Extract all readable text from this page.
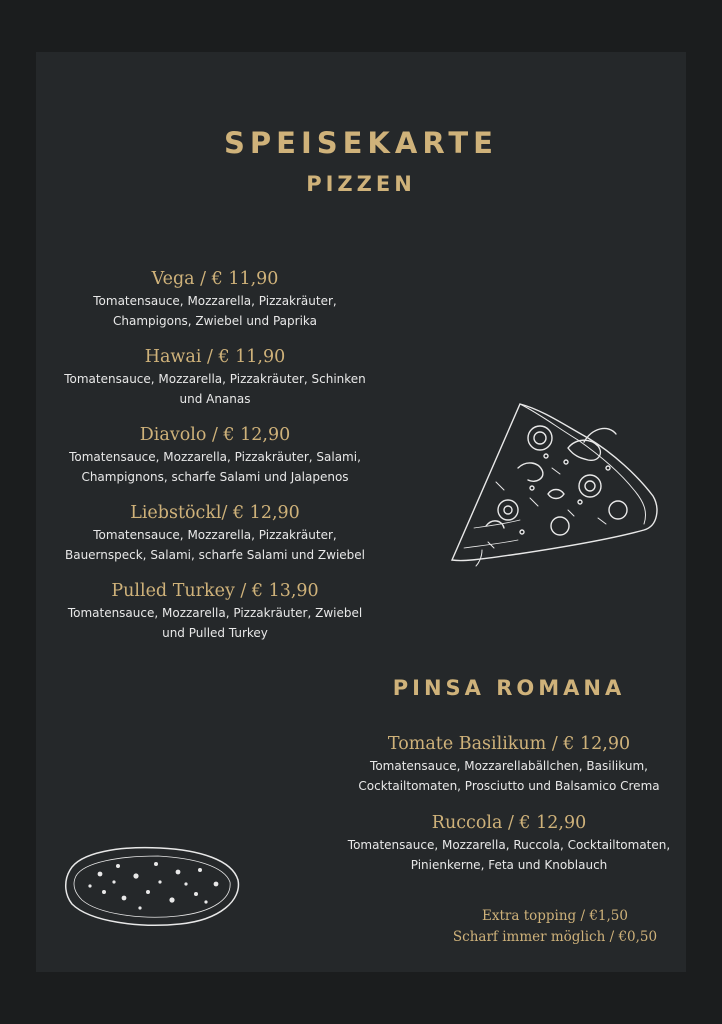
SPEISEKARTE
PIZZEN
Vega / € 11,90
Tomatensauce, Mozzarella, Pizzakräuter,
Champigons, Zwiebel und Paprika
Hawai / € 11,90
Tomatensauce, Mozzarella, Pizzakräuter, Schinken
und Ananas
Diavolo / € 12,90
Tomatensauce, Mozzarella, Pizzakräuter, Salami,
Champignons, scharfe Salami und Jalapenos
Liebstöckl/ € 12,90
Tomatensauce, Mozzarella, Pizzakräuter,
Bauernspeck, Salami, scharfe Salami und Zwiebel
Pulled Turkey / € 13,90
Tomatensauce, Mozzarella, Pizzakräuter, Zwiebel
und Pulled Turkey
PINSA ROMANA
Tomate Basilikum / € 12,90
Tomatensauce, Mozzarellabällchen, Basilikum,
Cocktailtomaten, Prosciutto und Balsamico Crema
Ruccola / € 12,90
Tomatensauce, Mozzarella, Ruccola, Cocktailtomaten,
Pinienkerne, Feta und Knoblauch
Extra topping / €1,50
Scharf immer möglich / €0,50
